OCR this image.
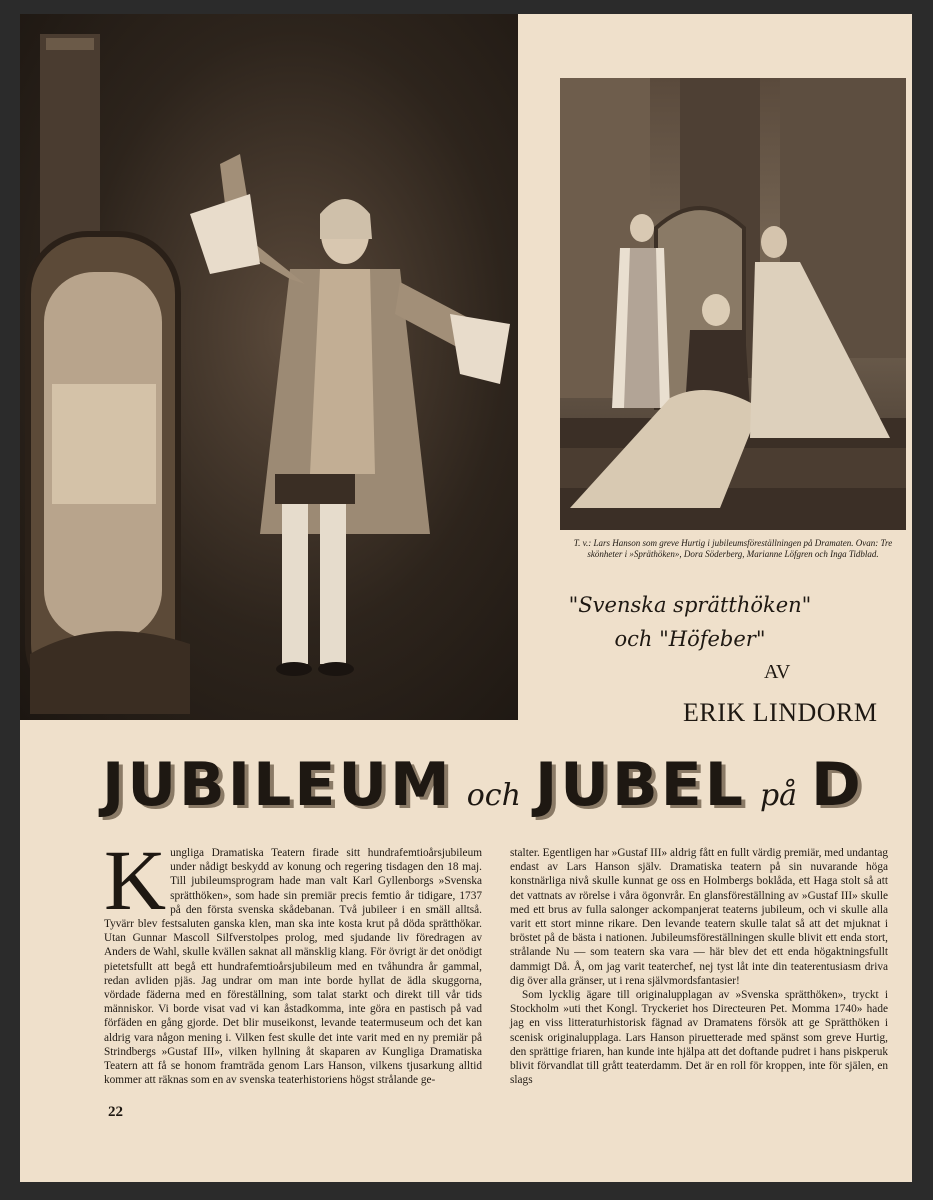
T. v.: Lars Hanson som greve Hurtig i jubileumsföreställningen på Dramaten. Ovan: Tre skönheter i »Spräthöken», Dora Söderberg, Marianne Löfgren och Inga Tidblad.
"Svenska sprätthöken"
och "Höfeber"
AV
ERIK LINDORM
JUBILEUM och JUBEL på D
K ungliga Dramatiska Teatern firade sitt hundrafemtioårsjubileum under nådigt beskydd av konung och regering tisdagen den 18 maj. Till jubileumsprogram hade man valt Karl Gyllenborgs »Svenska sprätthöken», som hade sin premiär precis femtio år tidigare, 1737 på den första svenska skådebanan. Två jubileer i en smäll alltså. Tyvärr blev festsaluten ganska klen, man ska inte kosta krut på döda sprätthökar. Utan Gunnar Mascoll Silfverstolpes prolog, med sjudande liv föredragen av Anders de Wahl, skulle kvällen saknat all mänsklig klang. För övrigt är det onödigt pietetsfullt att begå ett hundrafemtioårsjubileum med en tvåhundra år gammal, redan avliden pjäs. Jag undrar om man inte borde hyllat de ädla skuggorna, vördade fäderna med en föreställning, som talat starkt och direkt till vår tids människor. Vi borde visat vad vi kan åstadkomma, inte göra en pastisch på vad förfäden en gång gjorde. Det blir museikonst, levande teatermuseum och det kan aldrig vara någon mening i. Vilken fest skulle det inte varit med en ny premiär på Strindbergs »Gustaf III», vilken hyllning åt skaparen av Kungliga Dramatiska Teatern att få se honom framträda genom Lars Hanson, vilkens tjusarkung alltid kommer att räknas som en av svenska teaterhistoriens högst strålande ge-

stalter. Egentligen har »Gustaf III» aldrig fått en fullt värdig premiär, med undantag endast av Lars Hanson själv. Dramatiska teatern på sin nuvarande höga konstnärliga nivå skulle kunnat ge oss en Holmbergs boklåda, ett Haga stolt så att det vattnats av rörelse i våra ögonvrår. En glansföreställning av »Gustaf III» skulle med ett brus av fulla salonger ackompanjerat teaterns jubileum, och vi skulle alla varit ett stort minne rikare. Den levande teatern skulle talat så att det mjuknat i bröstet på de bästa i nationen. Jubileumsföreställningen skulle blivit ett enda stort, strålande Nu — som teatern ska vara — här blev det ett enda högaktningsfullt dammigt Då. Å, om jag varit teaterchef, nej tyst låt inte din teaterentusiasm driva dig över alla gränser, ut i rena självmordsfantasier!

Som lycklig ägare till originalupplagan av »Svenska sprätthöken», tryckt i Stockholm »uti thet Kongl. Tryckeriet hos Directeuren Pet. Momma 1740» hade jag en viss litteraturhistorisk fägnad av Dramatens försök att ge Sprätthöken i scenisk originalupplaga. Lars Hanson piruetterade med spänst som greve Hurtig, den sprättige friaren, han kunde inte hjälpa att det doftande pudret i hans piskperuk blivit förvandlat till grått teaterdamm. Det är en roll för kroppen, inte för själen, en slags

22
